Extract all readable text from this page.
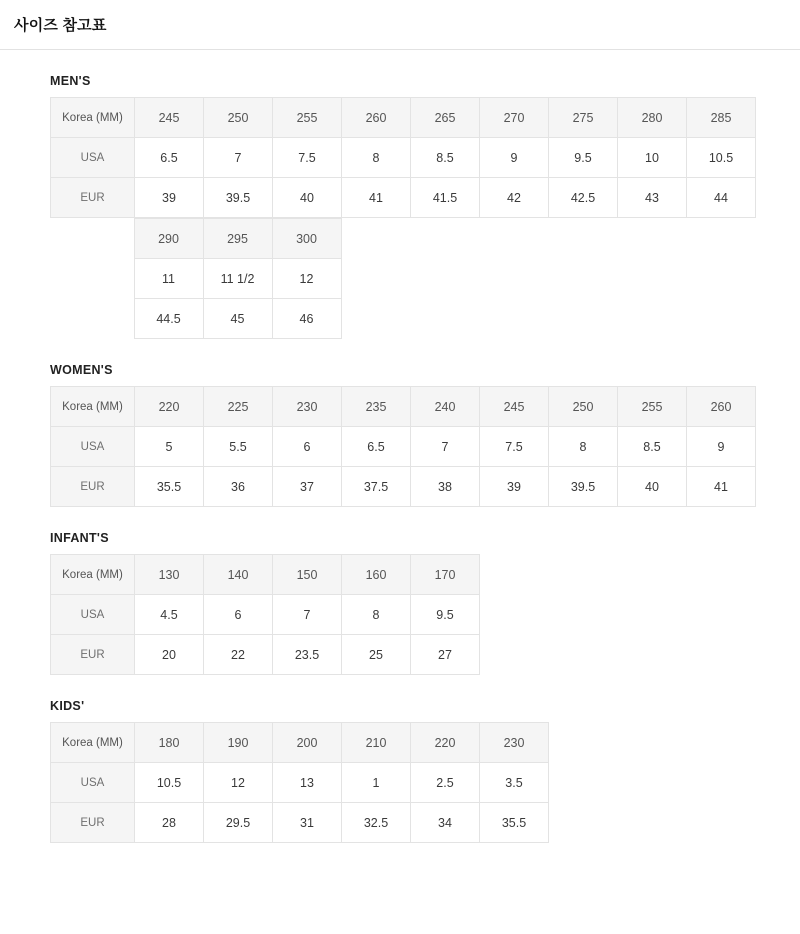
사이즈 참고표
MEN'S
Korea (MM)	245	250	255	260	265	270	275	280	285
USA	6.5	7	7.5	8	8.5	9	9.5	10	10.5
EUR	39	39.5	40	41	41.5	42	42.5	43	44
	290	295	300
	11	11 1/2	12
	44.5	45	46
WOMEN'S
Korea (MM)	220	225	230	235	240	245	250	255	260
USA	5	5.5	6	6.5	7	7.5	8	8.5	9
EUR	35.5	36	37	37.5	38	39	39.5	40	41
INFANT'S
Korea (MM)	130	140	150	160	170
USA	4.5	6	7	8	9.5
EUR	20	22	23.5	25	27
KIDS'
Korea (MM)	180	190	200	210	220	230
USA	10.5	12	13	1	2.5	3.5
EUR	28	29.5	31	32.5	34	35.5
